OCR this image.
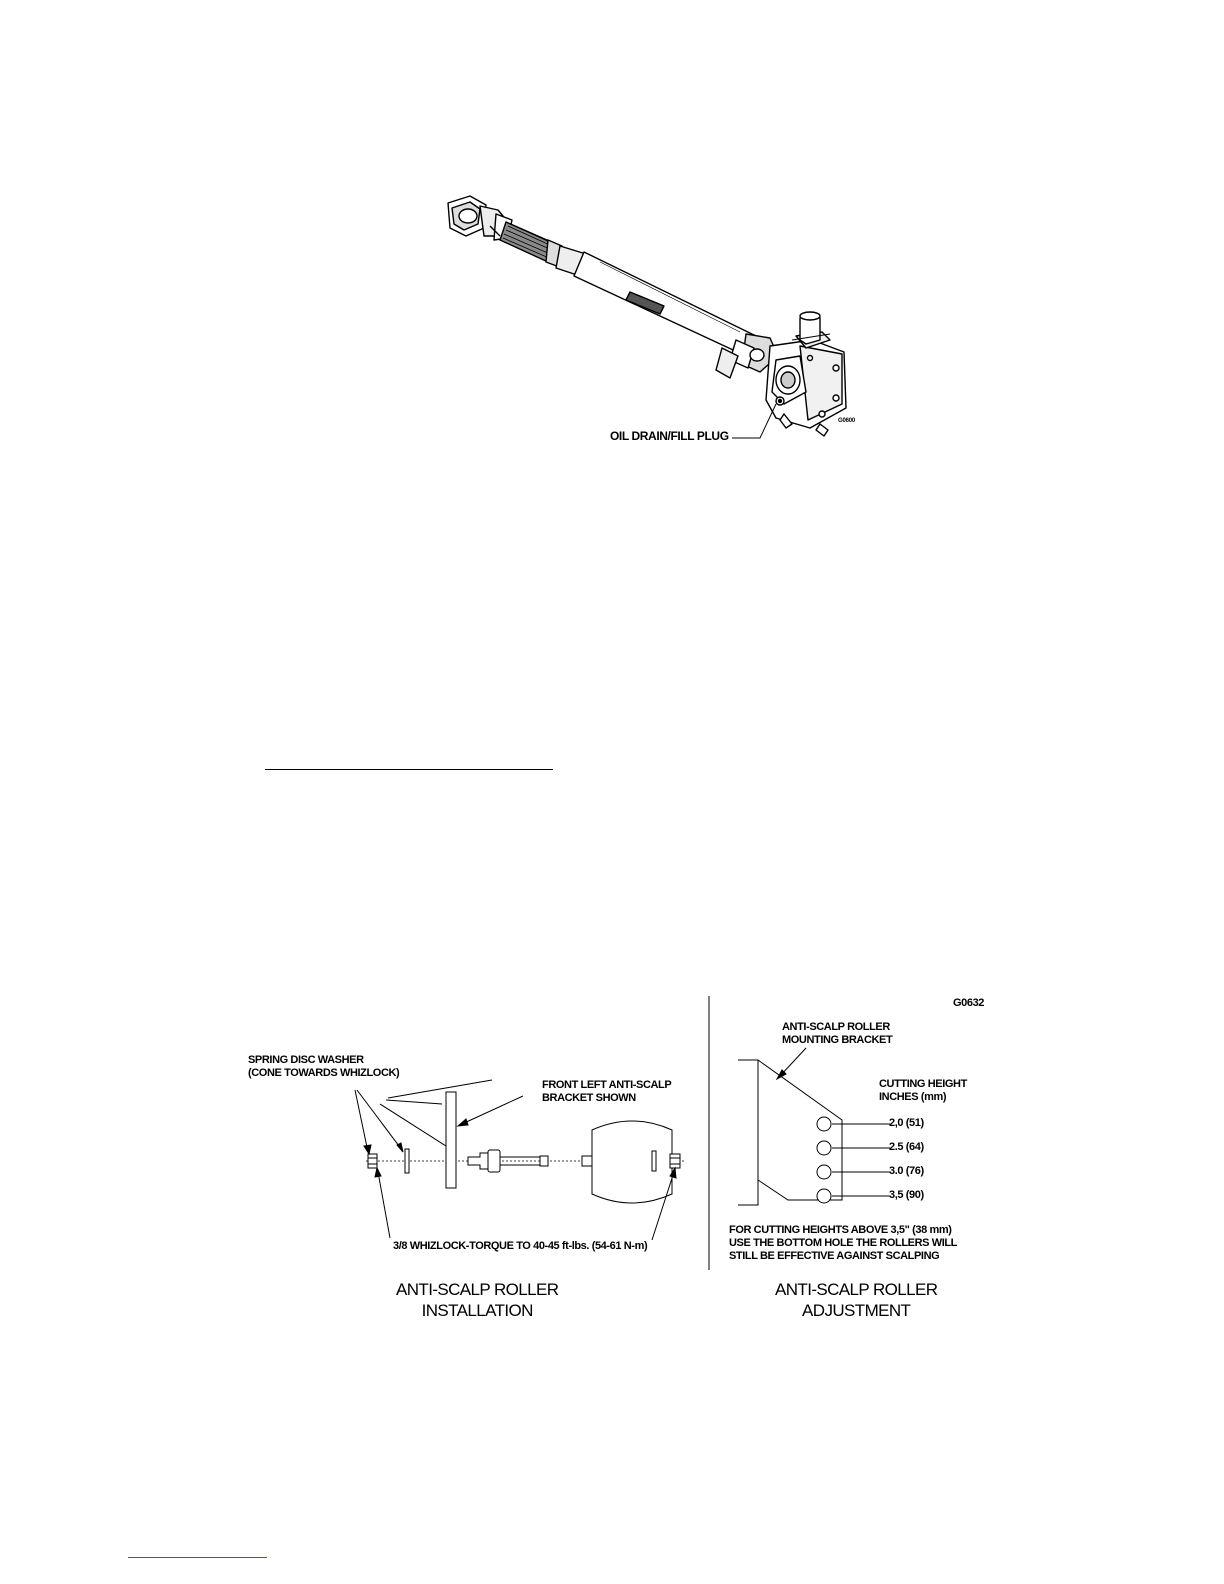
OIL DRAIN/FILL PLUG
G0600
SPRING DISC WASHER
(CONE TOWARDS WHIZLOCK)
FRONT LEFT ANTI-SCALP
BRACKET SHOWN
3/8 WHIZLOCK-TORQUE TO 40-45 ft-lbs. (54-61 N-m)
ANTI-SCALP ROLLER
INSTALLATION
G0632
ANTI-SCALP ROLLER
MOUNTING BRACKET
CUTTING HEIGHT
INCHES (mm)
2,0 (51)
2.5 (64)
3.0 (76)
3,5 (90)
FOR CUTTING HEIGHTS ABOVE 3,5" (38 mm)
USE THE BOTTOM HOLE THE ROLLERS WILL
STILL BE EFFECTIVE AGAINST SCALPING
ANTI-SCALP ROLLER
ADJUSTMENT
